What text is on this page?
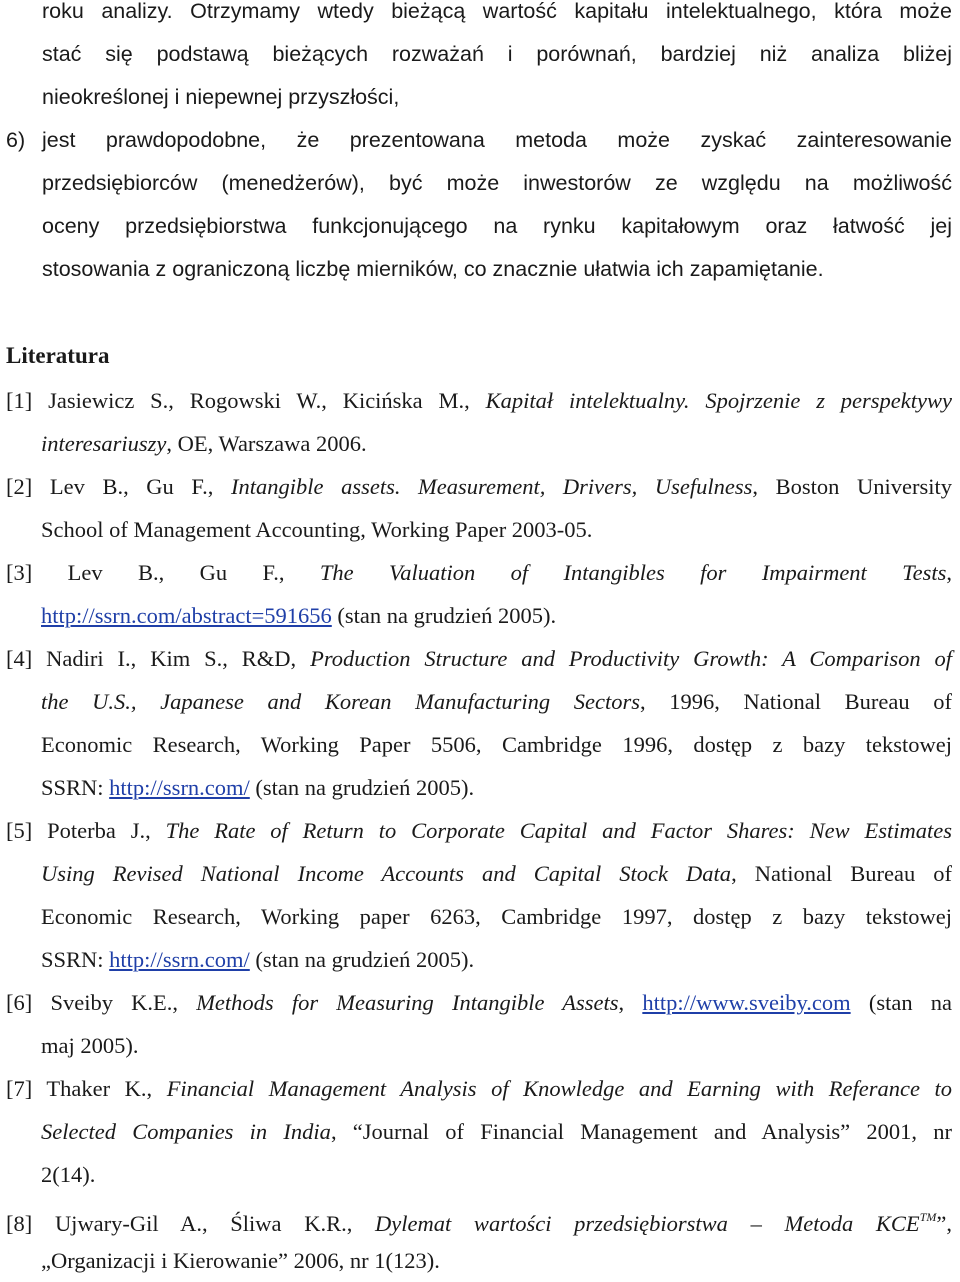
roku analizy. Otrzymamy wtedy bieżącą wartość kapitału intelektualnego, która może
stać się podstawą bieżących rozważań i porównań, bardziej niż analiza bliżej
nieokreślonej i niepewnej przyszłości,
6) jest prawdopodobne, że prezentowana metoda może zyskać zainteresowanie
przedsiębiorców (menedżerów), być może inwestorów ze względu na możliwość
oceny przedsiębiorstwa funkcjonującego na rynku kapitałowym oraz łatwość jej
stosowania z ograniczoną liczbę mierników, co znacznie ułatwia ich zapamiętanie.
Literatura
[1] Jasiewicz S., Rogowski W., Kicińska M., Kapitał intelektualny. Spojrzenie z perspektywy
interesariuszy, OE, Warszawa 2006.
[2] Lev B., Gu F., Intangible assets. Measurement, Drivers, Usefulness, Boston University
School of Management Accounting, Working Paper 2003-05.
[3] Lev B., Gu F., The Valuation of Intangibles for Impairment Tests,
http://ssrn.com/abstract=591656 (stan na grudzień 2005).
[4] Nadiri I., Kim S., R&D, Production Structure and Productivity Growth: A Comparison of
the U.S., Japanese and Korean Manufacturing Sectors, 1996, National Bureau of
Economic Research, Working Paper 5506, Cambridge 1996, dostęp z bazy tekstowej
SSRN: http://ssrn.com/ (stan na grudzień 2005).
[5] Poterba J., The Rate of Return to Corporate Capital and Factor Shares: New Estimates
Using Revised National Income Accounts and Capital Stock Data, National Bureau of
Economic Research, Working paper 6263, Cambridge 1997, dostęp z bazy tekstowej
SSRN: http://ssrn.com/ (stan na grudzień 2005).
[6] Sveiby K.E., Methods for Measuring Intangible Assets, http://www.sveiby.com (stan na
maj 2005).
[7] Thaker K., Financial Management Analysis of Knowledge and Earning with Referance to
Selected Companies in India, “Journal of Financial Management and Analysis” 2001, nr
2(14).
[8] Ujwary-Gil A., Śliwa K.R., Dylemat wartości przedsiębiorstwa – Metoda KCE™”,
„Organizacji i Kierowanie” 2006, nr 1(123).
